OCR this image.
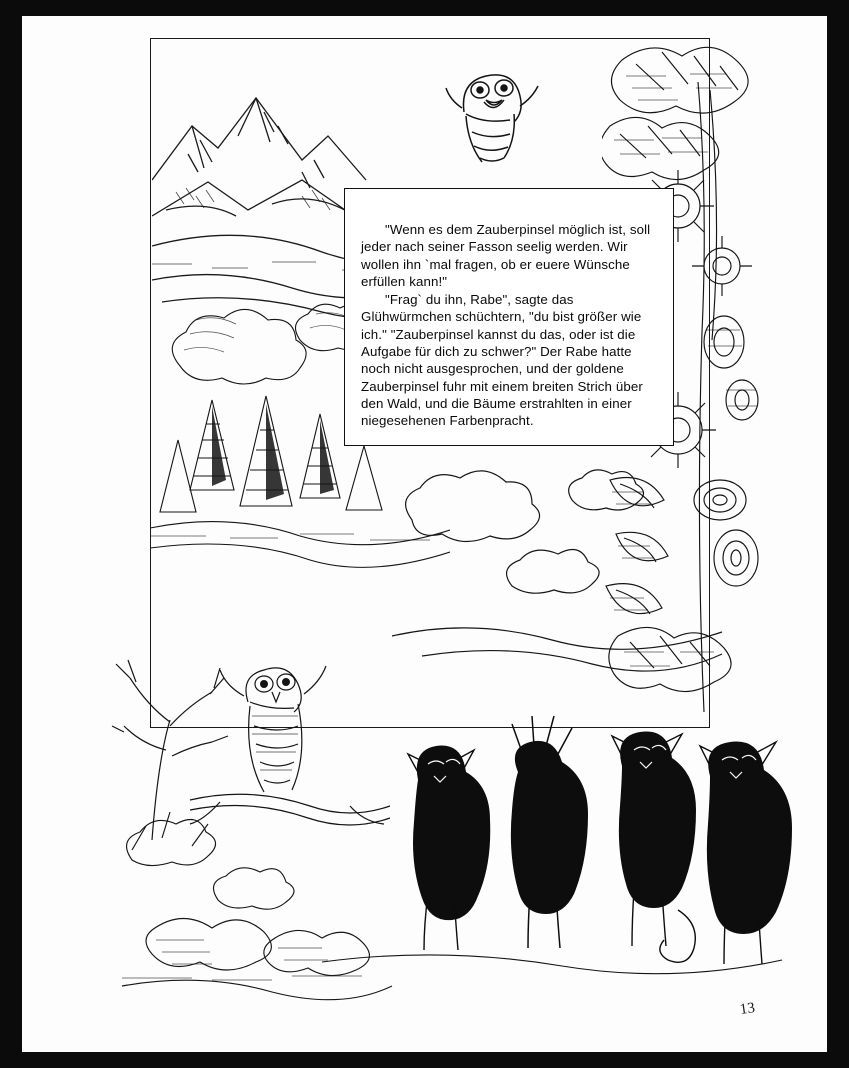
"Wenn es dem Zauberpinsel möglich ist, soll jeder nach seiner Fasson seelig werden. Wir wollen ihn `mal fragen, ob er euere Wünsche erfüllen kann!"

"Frag` du ihn, Rabe", sagte das Glühwürmchen schüchtern, "du bist größer wie ich." "Zauberpinsel kannst du das, oder ist die Aufgabe für dich zu schwer?" Der Rabe hatte noch nicht ausgesprochen, und der goldene Zauberpinsel fuhr mit einem breiten Strich über den Wald, und die Bäume erstrahlten in einer niegesehenen Farbenpracht.

13
